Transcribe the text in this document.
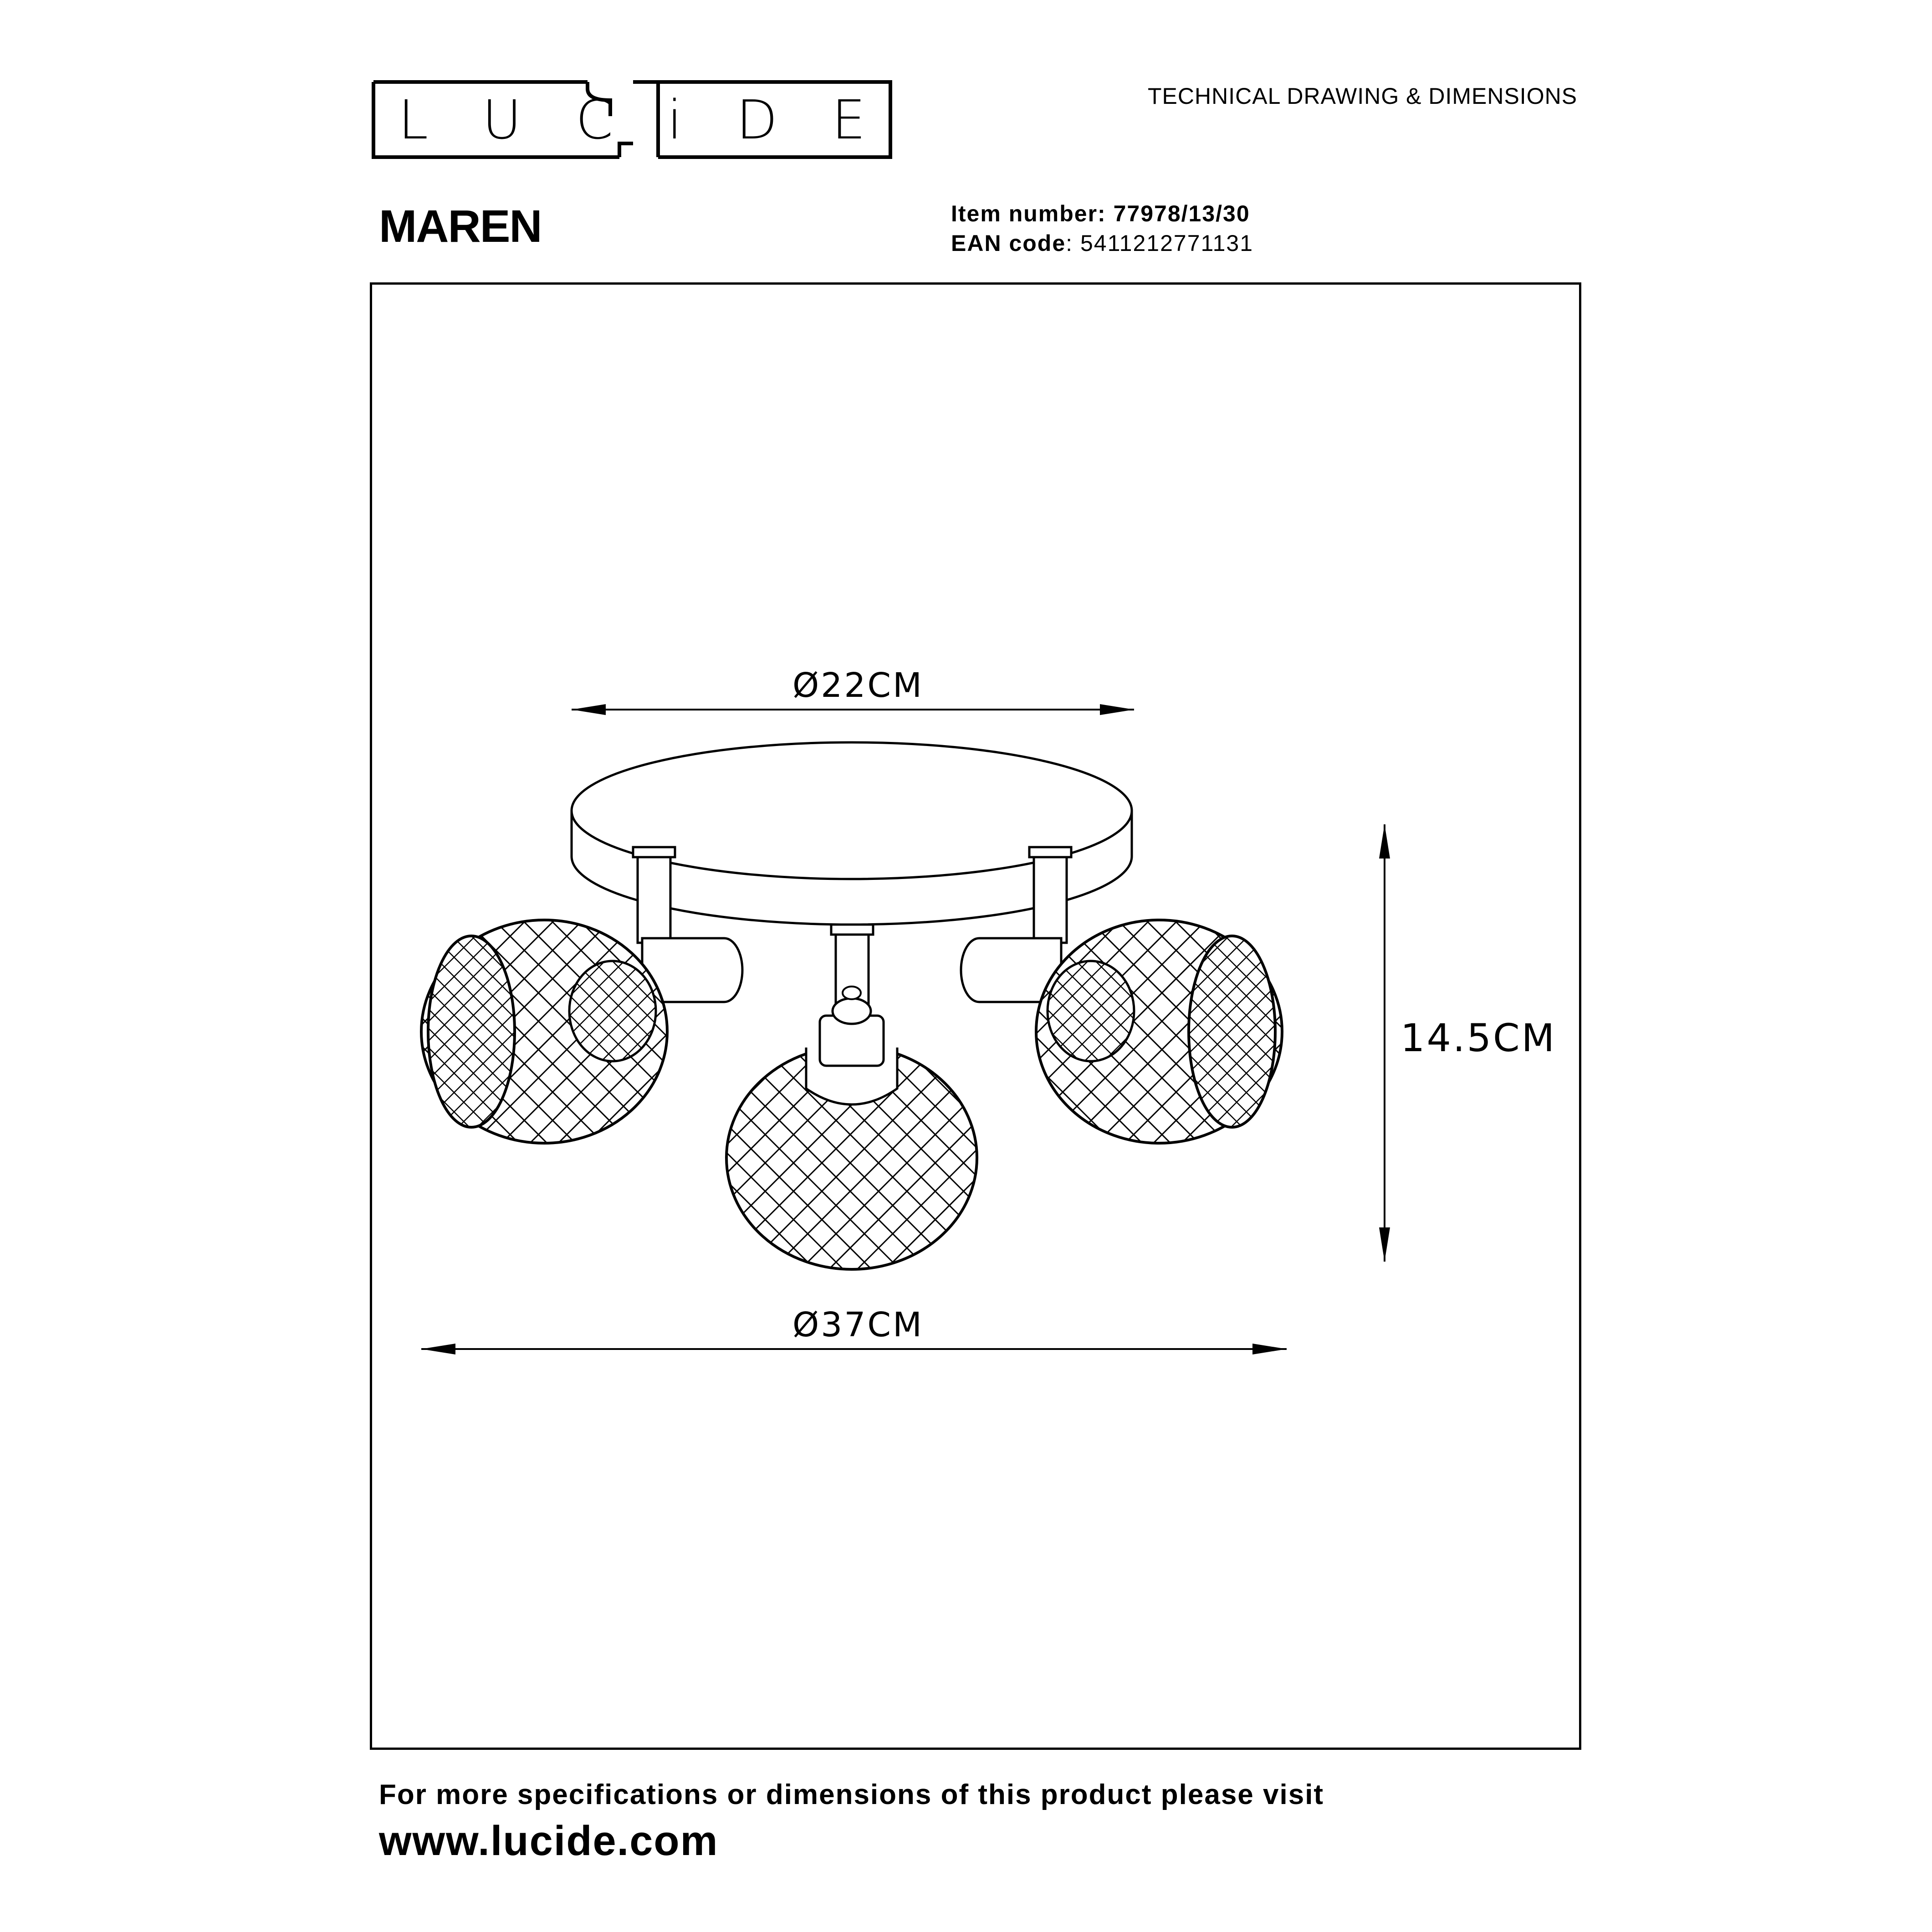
L U C i D E	TECHNICAL DRAWING & DIMENSIONS
MAREN	Item number: 77978/13/30
EAN code: 5411212771131
Ø22CM
Ø37CM
14.5CM
For more specifications or dimensions of this product please visit
www.lucide.com
